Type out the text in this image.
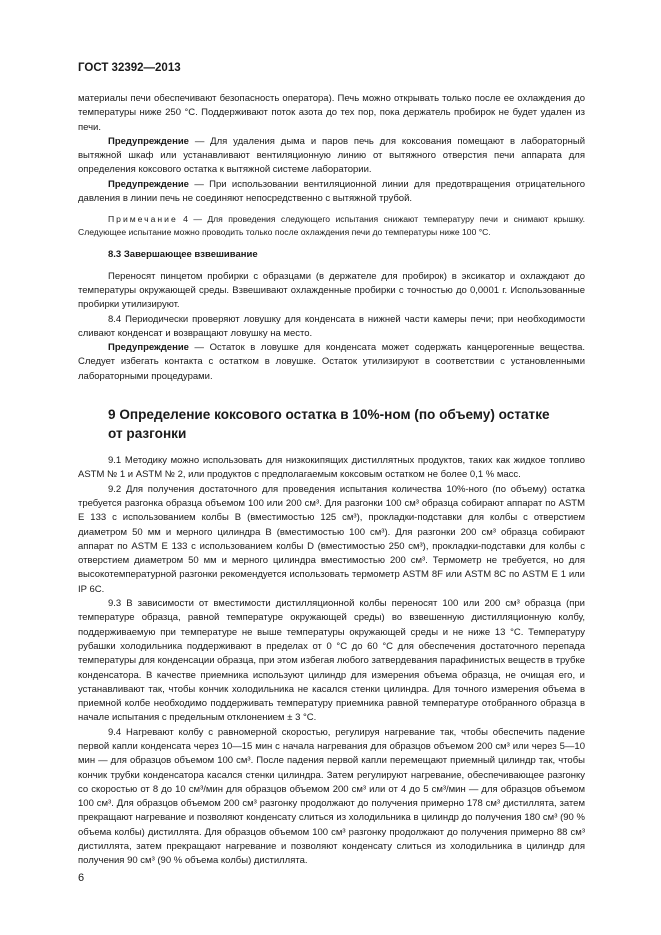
ГОСТ 32392—2013

материалы печи обеспечивают безопасность оператора). Печь можно открывать только после ее охлаждения до температуры ниже 250 °С. Поддерживают поток азота до тех пор, пока держатель пробирок не будет удален из печи.

Предупреждение — Для удаления дыма и паров печь для коксования помещают в лабораторный вытяжной шкаф или устанавливают вентиляционную линию от вытяжного отверстия печи аппарата для определения коксового остатка к вытяжной системе лаборатории.

Предупреждение — При использовании вентиляционной линии для предотвращения отрицательного давления в линии печь не соединяют непосредственно с вытяжной трубой.

Примечание 4 — Для проведения следующего испытания снижают температуру печи и снимают крышку. Следующее испытание можно проводить только после охлаждения печи до температуры ниже 100 °С.

8.3 Завершающее взвешивание

Переносят пинцетом пробирки с образцами (в держателе для пробирок) в эксикатор и охлаждают до температуры окружающей среды. Взвешивают охлажденные пробирки с точностью до 0,0001 г. Использованные пробирки утилизируют.

8.4 Периодически проверяют ловушку для конденсата в нижней части камеры печи; при необходимости сливают конденсат и возвращают ловушку на место.

Предупреждение — Остаток в ловушке для конденсата может содержать канцерогенные вещества. Следует избегать контакта с остатком в ловушке. Остаток утилизируют в соответствии с установленными лабораторными процедурами.

9 Определение коксового остатка в 10%-ном (по объему) остатке
от разгонки

9.1 Методику можно использовать для низкокипящих дистиллятных продуктов, таких как жидкое топливо ASTM № 1 и ASTM № 2, или продуктов с предполагаемым коксовым остатком не более 0,1 % масс.

9.2 Для получения достаточного для проведения испытания количества 10%-ного (по объему) остатка требуется разгонка образца объемом 100 или 200 см³. Для разгонки 100 см³ образца собирают аппарат по ASTM Е 133 с использованием колбы В (вместимостью 125 см³), прокладки-подставки для колбы с отверстием диаметром 50 мм и мерного цилиндра В (вместимостью 100 см³). Для разгонки 200 см³ образца собирают аппарат по ASTM Е 133 с использованием колбы D (вместимостью 250 см³), прокладки-подставки для колбы с отверстием диаметром 50 мм и мерного цилиндра вместимостью 200 см³. Термометр не требуется, но для высокотемпературной разгонки рекомендуется использовать термометр ASTM 8F или ASTM 8С по ASTM Е 1 или IP 6С.

9.3 В зависимости от вместимости дистилляционной колбы переносят 100 или 200 см³ образца (при температуре образца, равной температуре окружающей среды) во взвешенную дистилляционную колбу, поддерживаемую при температуре не выше температуры окружающей среды и не ниже 13 °С. Температуру рубашки холодильника поддерживают в пределах от 0 °С до 60 °С для обеспечения достаточного перепада температуры для конденсации образца, при этом избегая любого затвердевания парафинистых веществ в трубке конденсатора. В качестве приемника используют цилиндр для измерения объема образца, не очищая его, и устанавливают так, чтобы кончик холодильника не касался стенки цилиндра. Для точного измерения объема в приемной колбе необходимо поддерживать температуру приемника равной температуре отобранного образца в начале испытания с предельным отклонением ± 3 °С.

9.4 Нагревают колбу с равномерной скоростью, регулируя нагревание так, чтобы обеспечить падение первой капли конденсата через 10—15 мин с начала нагревания для образцов объемом 200 см³ или через 5—10 мин — для образцов объемом 100 см³. После падения первой капли перемещают приемный цилиндр так, чтобы кончик трубки конденсатора касался стенки цилиндра. Затем регулируют нагревание, обеспечивающее разгонку со скоростью от 8 до 10 см³/мин для образцов объемом 200 см³ или от 4 до 5 см³/мин — для образцов объемом 100 см³. Для образцов объемом 200 см³ разгонку продолжают до получения примерно 178 см³ дистиллята, затем прекращают нагревание и позволяют конденсату слиться из холодильника в цилиндр до получения 180 см³ (90 % объема колбы) дистиллята. Для образцов объемом 100 см³ разгонку продолжают до получения примерно 88 см³ дистиллята, затем прекращают нагревание и позволяют конденсату слиться из холодильника в цилиндр для получения 90 см³ (90 % объема колбы) дистиллята.

6
